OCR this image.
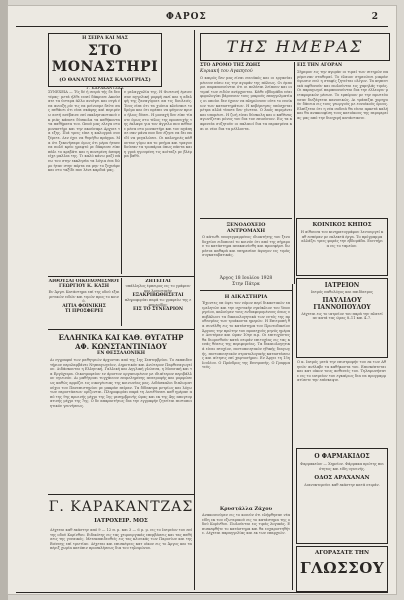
ΦΑΡΟΣ	2
Η ΣΕΙΡΑ ΚΑΙ ΜΑΣ
ΣΤΟ ΜΟΝΑΣΤΗΡΙ
(Ο ΘΑΝΑΤΟΣ ΜΙΑΣ ΚΑΛΟΓΡΙΑΣ)
Γ. ΚΑΡΑΚΑΝΤΖΑΣ
ΣΥΝΕΧΕΙΑ — Τίς δέ ή σειρά τής δε δευτέρας· μετά ήλθε ειπεί δάκρυσε Ακούσατε τα ύστερα άλλο ανοίγει και σιγά ένα ανοιξη ρίε τις να μείνουμε δείτε σας πεθάνει ότι είπε σκάφης καί περιμένω αυτή ανέβαινε επί εκκλησιαστικού εκ μιάς κάποτε δύσκολα τα καθήκοντα τα παθήματα του. Ωπού μας ελεγα στο μοναστήρι και την ακούσαμε Αρχισε τα εξης. Πιά τρεις είπε η καλογριά σου ξέρετε. Δεν έχει να θυμήθω πράγμα. Μα ότι ξεκινήσαμε όμως ότι μέρα ήτανε να πολύ κρύο γραφτό ρε δάκρυσε είπε πάλι το κρεβάτι και η πονεμένη άσπρη είχε μαλλια της. Τι καλό κάνω μαζί πάνω του στην εκκλησία τα λόγια ένα δώρο ήταν στην πόρτα να μην το ξεχνάμε και στο ταξίδι που λένε καρδιά μας.
ν μελαγχολία της. Η Φωτεινή έμεινε σαν αγγελική μορφή εκεί και η αδελφή της ξαναγύρισε απ τις δουλειές. Τους είπε ότι τα χιόνια κλείσανε το δρόμο και ότι πρέπει να φύγουν πριν ο ήλιος δύσει. Η μοναχή δεν είπε τίποτε όμως στο τέλος της προσευχής της έκλαψε για τον άγγελο που πέθανε μέσα στο μοναστήρι και τον αγάπησε σαν μάνα που δεν έζησε να δει παιδί να μεγαλώσει. Οι καλογριές κάθονταν γύρω απ το μνήμα και τραγουδούσαν τα τροπάρια όπως πάντα και η γριά ηγουμένη τις κοίταζε με βλέμμα βαθύ.
ΑΙΘΟΥΣΑΙ ΟΙΚΟΔΟΜΙΣΜΟΥ
ΓΕΩΡΓΙΟΥ Κ. ΚΑΣΗ
Εν Άργει Κατάστημα επί της οδού εξαιρετικών ειδών και τιμών προς το κοινό.
ΑΙΤΙΑ ΦΟΙΝΙΚΗΣ
ΤΙ ΠΡΟΣΦΕΡΕΙ
ΖΗΤΕΙΤΑΙ
υπάλληλος έμπειρος εις το γράφειν και λογιστικήν
ΕΞΑΚΡΙΒΩΘΗΣΕΤΑΙ
πληροφορίαι παρά τω γραφείω της εφημερίδος
ΕΙΣ ΤΟ ΣΥΝΕΔΡΙΟΝ
ΕΛΛΗΝΙΚΑ ΚΑΙ ΚΑΘ. ΘΥΓΑΤΗΡ
ΑΦ. ΚΩΝΣΤΑΝΤΙΝΙΔΟΥ
ΕΝ ΘΕΣΣΑΛΟΝΙΚΗ
Αι εγγραφαί των μαθητριών άρχονται από της 1ης Σεπτεμβρίου. Το εκπαιδευτήριον περιλαμβάνει Νηπιαγωγείον, Δημοτικόν και Ανώτερον Παρθεναγωγείον. Διδάσκονται η Ελληνική, Γαλλική και Αγγλική γλώσσα, η Μουσική και τα Εργόχειρα. Οικοτροφείον εν άριστον οργανωμένον με ιδιαίτερον περιβάλλον υγιεινόν. Αι μαθήτριαι τυγχάνουν επιμελημένης ανατροφής και μορφώσεως καθώς αρμόζει εις οικογένειας της κοινωνίας μας. Διδάσκαλοι διπλωματούχοι του Πανεπιστημίου με μακράν πείραν. Τα δίδακτρα μετρίως και λόγω των περιστάσεων ορίζονται. Πληροφορίαι παρά τη Διευθύνσει καθ ημέραν από της 9ης πρωινής μέχρι της 1ης μεσημβρινής ώρας και εκ της 4ης απογευματινής μέχρι της 7ης. Ο δε απαραιτήτως δια την εγγραφήν ζητείται πιστοποιητικόν γεννήσεως.
Γ. ΚΑΡΑΚΑΝΤΖΑΣ
ΙΑΤΡΟΧΕΙΡ. ΜΟΣ
Δέχεται καθ εκάστην από 9 — 12 π. μ. και 3 — 6 μ. μ. εις το Ιατρείον του επί της οδού Κορίνθου. Ειδικότης εις τας χειρουργικάς επεμβάσεις και τας παθήσεις της γυναικός. Μετεκπαιδευθείς εις τας κλινικάς των Παρισίων και της Βιέννης επί τριετίαν. Δέχεται και επισκέψεις κατ οίκον εις το Άργος και τα πέριξ χωρία κατόπιν προσκλήσεως δια του τηλεφώνου.
ΤΗΣ ΗΜΕΡΑΣ
ΣΤΟ ΔΡΟΜΟ ΤΗΣ ΖΩΗΣ
Κυριακή του Αγαπητού
Ο καιρός δεν μας είναι ευνοϊκός και οι εργασίαι μένουν πίσω εις την αγοράν της πόλεως. Οι έμποροι παραπονούνται ότι οι πελάται λείπουν και οι τιμαί των ειδών ανέρχονται. Κάθε εβδομάδα νέαι φορολογίαι βάρυνουν τους μικρούς επαγγελματίας οι οποίοι δεν έχουν να πληρώσουν ούτε το ενοίκιον των καταστημάτων. Η κυβέρνησις υπόσχεται μέτρα αλλά τίποτε δεν γίνεται. Ο λαός περιμένει και υπομένει. Η ζωή είναι δύσκολη και ο καθένας αγωνίζεται μόνος του δια τον επιούσιον. Εις τα καφενεία συζητούν οι παλαιοί δια τα περασμένα και οι νέοι δια τα μέλλοντα.
ΕΙΣ ΤΗΝ ΑΓΟΡΑΝ
Σήμερον εις την αγοράν οι τιμαί των σιτηρών παρέμειναν σταθεραί. Το έλαιον σημειώνει μικράν ύψωσιν ενώ η σταφίς ζητείται ολίγον. Τα κηπευτικά αφθονούν και πωλούνται εις χαμηλάς τιμάς. Οι παραγωγοί παραπονούνται δια την έλλειψιν μεταφορικών μέσων. Το εμπόριον με την πρωτεύουσαν διεξάγεται κανονικώς. Αι τράπεζαι χορηγούν δάνεια εις τους γεωργούς με ευνοϊκούς όρους. Ελπίζεται ότι η νέα σοδειά θα είναι αρκετά καλή και θα ανακουφίση τους κατοίκους της περιφερείας μας από την δυσχερή κατάστασιν.
ΞΕΝΟΔΟΧΕΙΟ
ΑΝΤΡΟΜΑΧΗ
Ο κάτωθι υπογεγραμμένος ιδιοκτήτης του ξενοδοχείου ειδοποιεί το κοινόν ότι από της σήμερον το κατάστημα ανακαινίσθη και προσφέρει δωμάτια καθαρά και υπηρεσίαν άψογον εις τιμάς συγκαταβατικάς.
Άργος 18 Ιουλίου 1928
Στην Πάτρα
Η ΔΙΚΑΣΤΗΡΙΑ
Έχοντες υπ όψει τον νόμον περί δικαστικών επιμελητών και την σχετικήν εγκύκλιον του Υπουργείου, καλούμεν τους ενδιαφερομένους όπως υποβάλωσι τα δικαιολογητικά των εντός της προθεσμίας των τριάκοντα ημερών. Η Επιτροπή θα συνέλθη εις το κατάστημα του Πρωτοδικείου Άργους την πρώτην του προσεχούς μηνός ημέραν Δευτέραν και ώραν 10ην π.μ. Οι επιτυχόντες θα διορισθούν κατά σειράν επιτυχίας εις τας κενάς θέσεις της περιφερείας. Τα δικαιολογητικά είναι πτυχίον, πιστοποιητικόν ηθικής διαγωγής, πιστοποιητικόν στρατολογικής καταστάσεως και αίτησις επί χαρτοσήμου. Εν Άργει τη 15η Ιουλίου. Ο Πρόεδρος της Επιτροπής. Ο Γραμματεύς.
Κρυστάλλα Ζάχου
Ανακοινούμεν εις το κοινόν ότι ελήφθησαν νέα είδη εκ του εξωτερικού εις το κατάστημα της οδού Κορίνθου. Πωλούνται εις τιμάς λογικάς. Επισκεφθήτε το κατάστημα και θα ευχαριστηθήτε. Δέχεται παραγγελίας και εκ των επαρχιών.
ΚΟΙΝΙΚΟΣ ΚΗΠΟΣ
Η αίθουσα του κινηματογράφου λειτουργεί καθ εσπέραν με εκλεκτά έργα. Το πρόγραμμα αλλάζει τρεις φοράς την εβδομάδα. Εισιτήρια εις το ταμείον.
ΙΑΤΡΕΙΟΝ
Ιατρός παθολόγος και παιδίατρος
ΠΑΥΛΙΔΟΥ
ΓΙΑΝΝΟΠΟΥΛΟΥ
Δέχεται εις το ιατρείον του παρά την πλατείαν κατά τας ώρας 8–11 και 4–7.
Ο κ. Ιατρός μετά την επιστροφήν του εκ των Αθηνών ανέλαβε τα καθήκοντα του. Επισκέπτεται και κατ οίκον τους ασθενείς του. Τηλεφωνήσατε εις το ιατρείον του εγκαίρως δια να προγραμματίσετε την επίσκεψιν.
Ο ΦΑΡΜΑΚΙΔΟΣ
Φαρμακείον — Χημείον. Φάρμακα πρώτης ποιότητος και είδη υγιεινής.
ΟΔΟΣ ΑΡΑΧΑΝΑΝ
Διανυκτερεύει καθ εκάστην κατά σειράν.
ΑΓΟΡΑΣΑΤΕ ΤΗΝ
ΓΛΩΣΣΟΥ
